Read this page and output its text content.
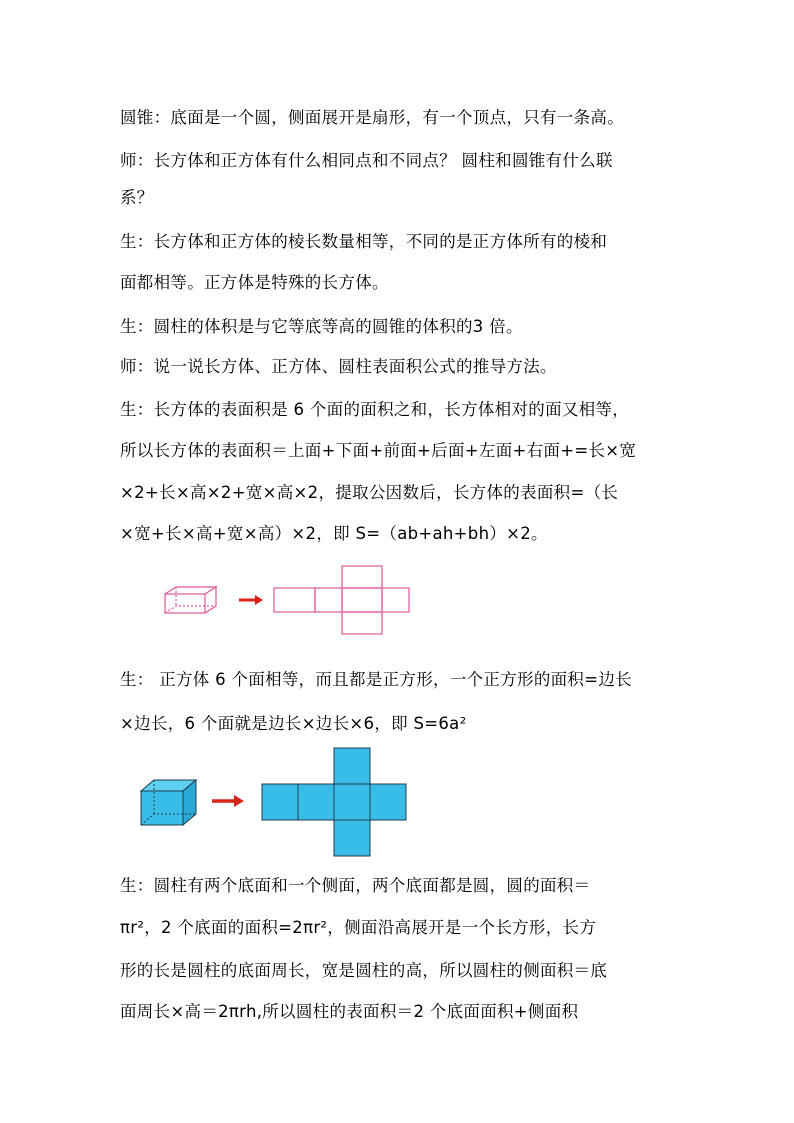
圆锥：底面是一个圆，侧面展开是扇形，有一个顶点，只有一条高。
师：长方体和正方体有什么相同点和不同点？ 圆柱和圆锥有什么联
系？
生：长方体和正方体的棱长数量相等，不同的是正方体所有的棱和
面都相等。正方体是特殊的长方体。
生：圆柱的体积是与它等底等高的圆锥的体积的3 倍。
师：说一说长方体、正方体、圆柱表面积公式的推导方法。
生：长方体的表面积是 6 个面的面积之和，长方体相对的面又相等，
所以长方体的表面积＝上面+下面+前面+后面+左面+右面+=长×宽
×2+长×高×2+宽×高×2，提取公因数后，长方体的表面积=（长
×宽+长×高+宽×高）×2，即 S=（ab+ah+bh）×2。
生： 正方体 6 个面相等，而且都是正方形，一个正方形的面积=边长
×边长，6 个面就是边长×边长×6，即 S=6a²
生：圆柱有两个底面和一个侧面，两个底面都是圆，圆的面积＝
πr²，2 个底面的面积=2πr²，侧面沿高展开是一个长方形，长方
形的长是圆柱的底面周长，宽是圆柱的高，所以圆柱的侧面积＝底
面周长×高＝2πrh,所以圆柱的表面积＝2 个底面面积+侧面积
